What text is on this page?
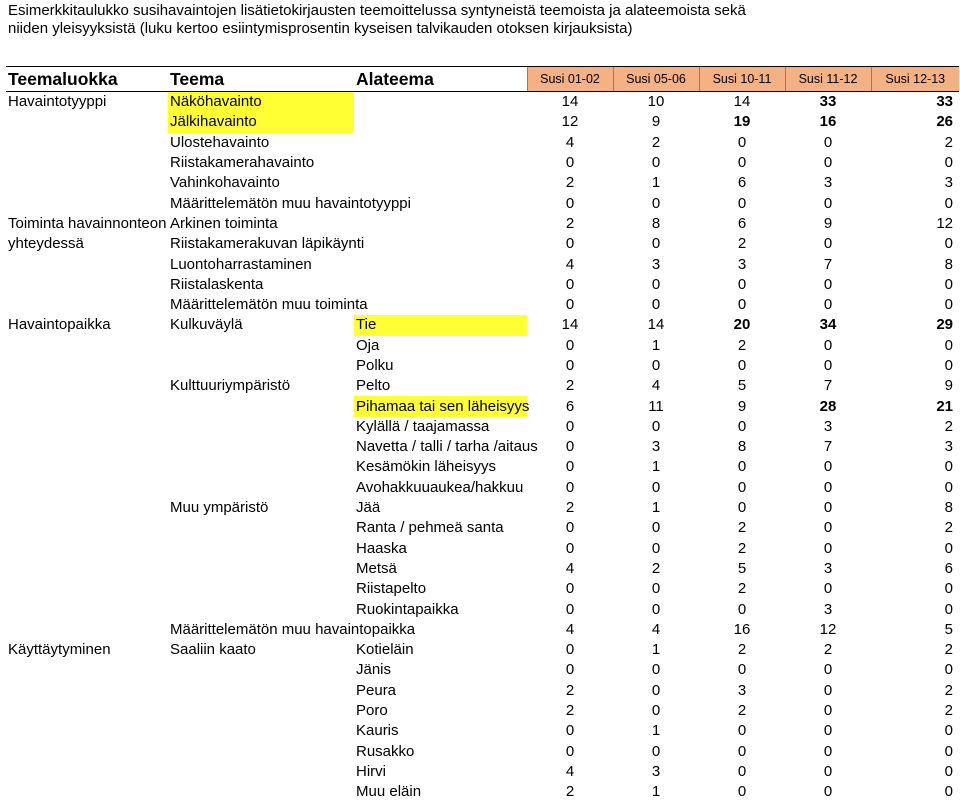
Esimerkkitaulukko susihavaintojen lisätietokirjausten teemoittelussa syntyneistä teemoista ja alateemoista sekä
niiden yleisyyksistä (luku kertoo esiintymisprosentin kyseisen talvikauden otoksen kirjauksista)
Teemaluokka	Teema	Alateema	Susi 01-02	Susi 05-06	Susi 10-11	Susi 11-12	Susi 12-13
Havaintotyyppi	Näköhavainto		14	10	14	33	33
	Jälkihavainto		12	9	19	16	26
	Ulostehavainto		4	2	0	0	2
	Riistakamerahavainto		0	0	0	0	0
	Vahinkohavainto		2	1	6	3	3
	Määrittelemätön muu havaintotyyppi		0	0	0	0	0
Toiminta havainnonteon	Arkinen toiminta		2	8	6	9	12
yhteydessä	Riistakamerakuvan läpikäynti		0	0	2	0	0
	Luontoharrastaminen		4	3	3	7	8
	Riistalaskenta		0	0	0	0	0
	Määrittelemätön muu toiminta		0	0	0	0	0
Havaintopaikka	Kulkuväylä	Tie	14	14	20	34	29
		Oja	0	1	2	0	0
		Polku	0	0	0	0	0
	Kulttuuriympäristö	Pelto	2	4	5	7	9
		Pihamaa tai sen läheisyys	6	11	9	28	21
		Kylällä / taajamassa	0	0	0	3	2
		Navetta / talli / tarha /aitaus	0	3	8	7	3
		Kesämökin läheisyys	0	1	0	0	0
		Avohakkuuaukea/hakkuu	0	0	0	0	0
	Muu ympäristö	Jää	2	1	0	0	8
		Ranta / pehmeä santa	0	0	2	0	2
		Haaska	0	0	2	0	0
		Metsä	4	2	5	3	6
		Riistapelto	0	0	2	0	0
		Ruokintapaikka	0	0	0	3	0
	Määrittelemätön muu havaintopaikka		4	4	16	12	5
Käyttäytyminen	Saaliin kaato	Kotieläin	0	1	2	2	2
		Jänis	0	0	0	0	0
		Peura	2	0	3	0	2
		Poro	2	0	2	0	2
		Kauris	0	1	0	0	0
		Rusakko	0	0	0	0	0
		Hirvi	4	3	0	0	0
		Muu eläin	2	1	0	0	0
